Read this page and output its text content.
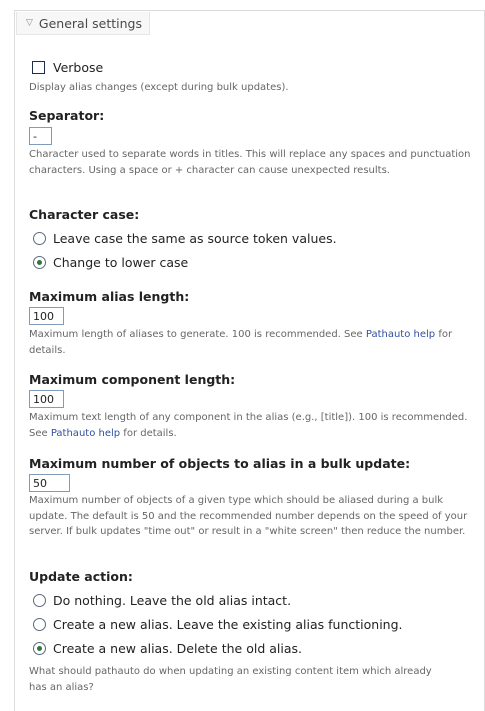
▽ General settings
Verbose
Display alias changes (except during bulk updates).
Separator:
-
Character used to separate words in titles. This will replace any spaces and punctuation characters. Using a space or + character can cause unexpected results.
Character case:
Leave case the same as source token values.
Change to lower case
Maximum alias length:
100
Maximum length of aliases to generate. 100 is recommended. See Pathauto help for details.
Maximum component length:
100
Maximum text length of any component in the alias (e.g., [title]). 100 is recommended. See Pathauto help for details.
Maximum number of objects to alias in a bulk update:
50
Maximum number of objects of a given type which should be aliased during a bulk update. The default is 50 and the recommended number depends on the speed of your server. If bulk updates "time out" or result in a "white screen" then reduce the number.
Update action:
Do nothing. Leave the old alias intact.
Create a new alias. Leave the existing alias functioning.
Create a new alias. Delete the old alias.
What should pathauto do when updating an existing content item which already has an alias?
